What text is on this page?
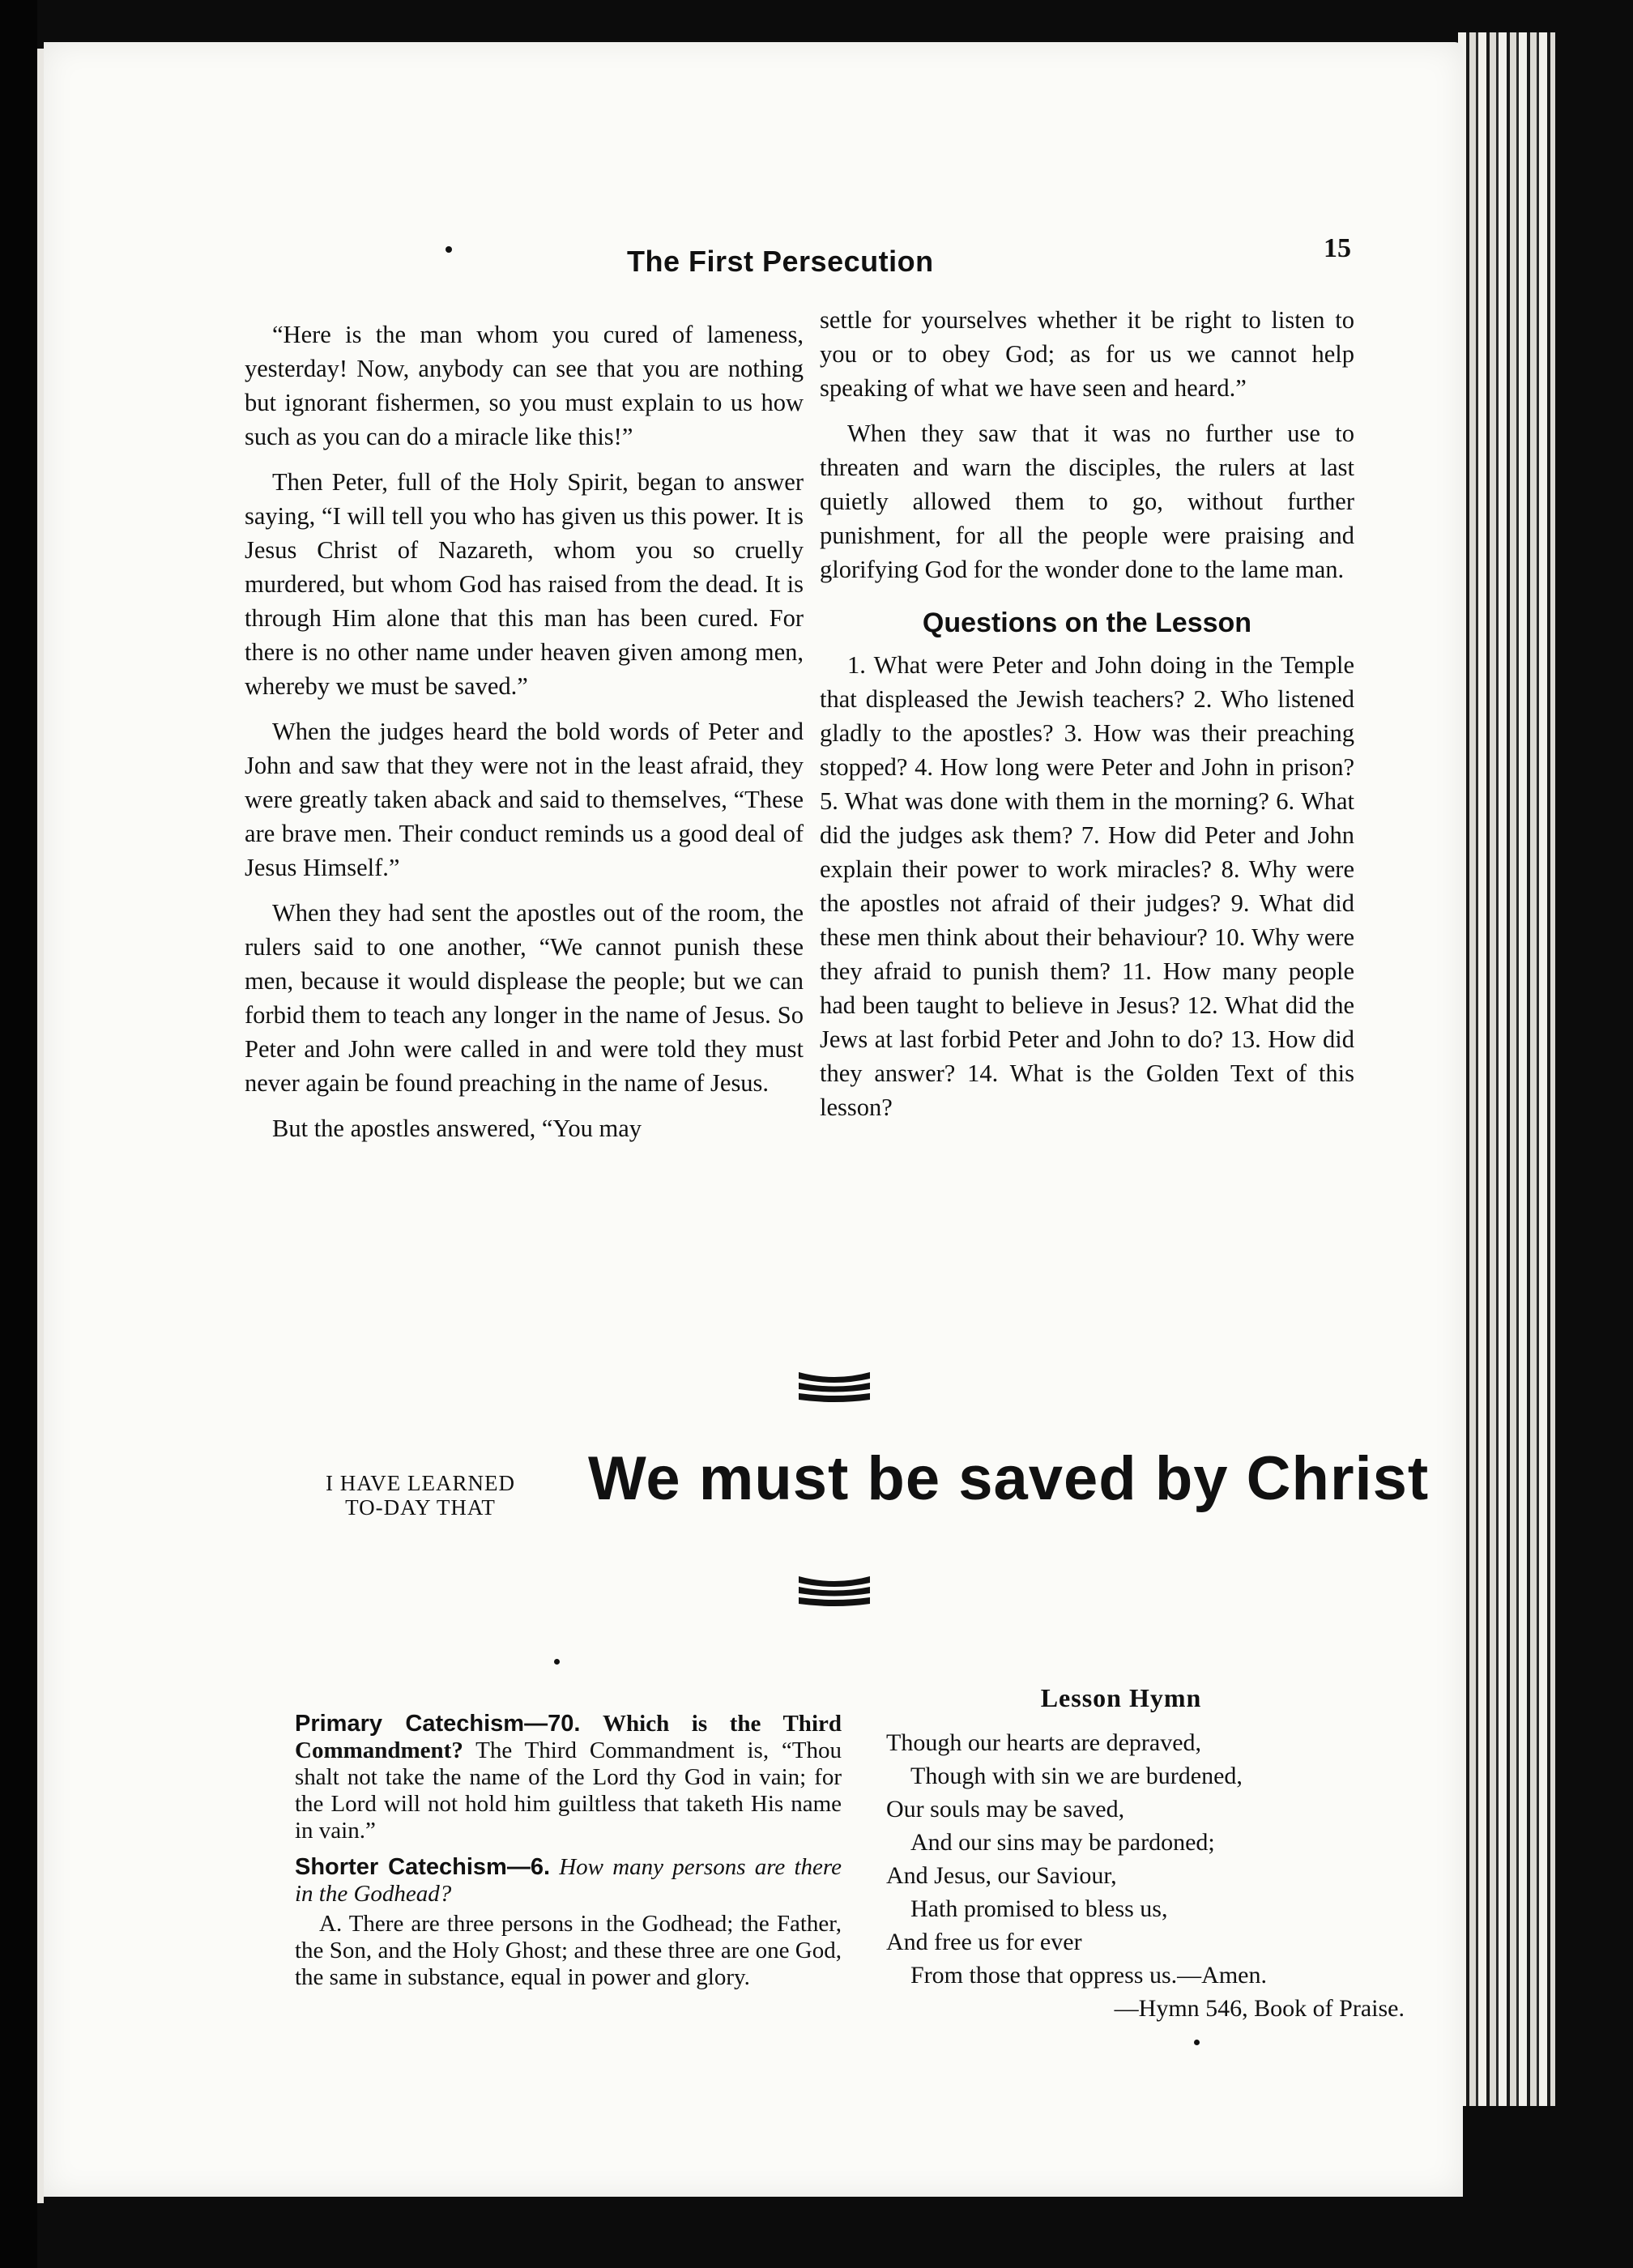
The First Persecution	15

“Here is the man whom you cured of lameness, yesterday! Now, anybody can see that you are nothing but ignorant fishermen, so you must explain to us how such as you can do a miracle like this!”

Then Peter, full of the Holy Spirit, began to answer saying, “I will tell you who has given us this power. It is Jesus Christ of Nazareth, whom you so cruelly murdered, but whom God has raised from the dead. It is through Him alone that this man has been cured. For there is no other name under heaven given among men, whereby we must be saved.”

When the judges heard the bold words of Peter and John and saw that they were not in the least afraid, they were greatly taken aback and said to themselves, “These are brave men. Their conduct reminds us a good deal of Jesus Himself.”

When they had sent the apostles out of the room, the rulers said to one another, “We cannot punish these men, because it would displease the people; but we can forbid them to teach any longer in the name of Jesus. So Peter and John were called in and were told they must never again be found preaching in the name of Jesus.

But the apostles answered, “You may

settle for yourselves whether it be right to listen to you or to obey God; as for us we cannot help speaking of what we have seen and heard.”

When they saw that it was no further use to threaten and warn the disciples, the rulers at last quietly allowed them to go, without further punishment, for all the people were praising and glorifying God for the wonder done to the lame man.

Questions on the Lesson

1. What were Peter and John doing in the Temple that displeased the Jewish teachers? 2. Who listened gladly to the apostles? 3. How was their preaching stopped? 4. How long were Peter and John in prison? 5. What was done with them in the morning? 6. What did the judges ask them? 7. How did Peter and John explain their power to work miracles? 8. Why were the apostles not afraid of their judges? 9. What did these men think about their behaviour? 10. Why were they afraid to punish them? 11. How many people had been taught to believe in Jesus? 12. What did the Jews at last forbid Peter and John to do? 13. How did they answer? 14. What is the Golden Text of this lesson?

I HAVE LEARNED
TO-DAY THAT	We must be saved by Christ

Primary Catechism—70. Which is the Third Commandment? The Third Commandment is, “Thou shalt not take the name of the Lord thy God in vain; for the Lord will not hold him guiltless that taketh His name in vain.”

Shorter Catechism—6. How many persons are there in the Godhead?

A. There are three persons in the Godhead; the Father, the Son, and the Holy Ghost; and these three are one God, the same in substance, equal in power and glory.

Lesson Hymn
Though our hearts are depraved,
Though with sin we are burdened,
Our souls may be saved,
And our sins may be pardoned;
And Jesus, our Saviour,
Hath promised to bless us,
And free us for ever
From those that oppress us.—Amen.
—Hymn 546, Book of Praise.
